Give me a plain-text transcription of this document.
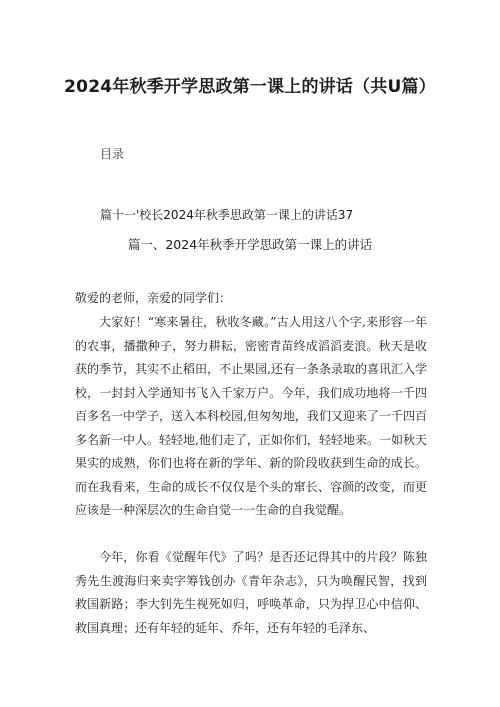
2024年秋季开学思政第一课上的讲话（共U篇）
目录
篇十一'校长2024年秋季思政第一课上的讲话37
篇一、2024年秋季开学思政第一课上的讲话
敬爱的老师，亲爱的同学们：
大家好！“寒来暑往，秋收冬藏。”古人用这八个字,来形容一年的农事，播撒种子，努力耕耘，密密青苗终成滔滔麦浪。秋天是收获的季节，其实不止稻田，不止果园,还有一条条录取的喜讯汇入学校，一封封入学通知书飞入千家万户。今年，我们成功地将一千四百多名一中学子，送入本科校园,但匆匆地，我们又迎来了一千四百多名新一中人。轻轻地,他们走了，正如你们，轻轻地来。一如秋天果实的成熟，你们也将在新的学年、新的阶段收获到生命的成长。而在我看来，生命的成长不仅仅是个头的窜长、容颜的改变，而更应该是一种深层次的生命自觉一一生命的自我觉醒。
今年，你看《觉醒年代》了吗？是否还记得其中的片段？陈独秀先生渡海归来卖字筹钱创办《青年杂志》，只为唤醒民智，找到救国新路；李大钊先生视死如归，呼唤革命，只为捍卫心中信仰、救国真理；还有年轻的延年、乔年，还有年轻的毛泽东、
